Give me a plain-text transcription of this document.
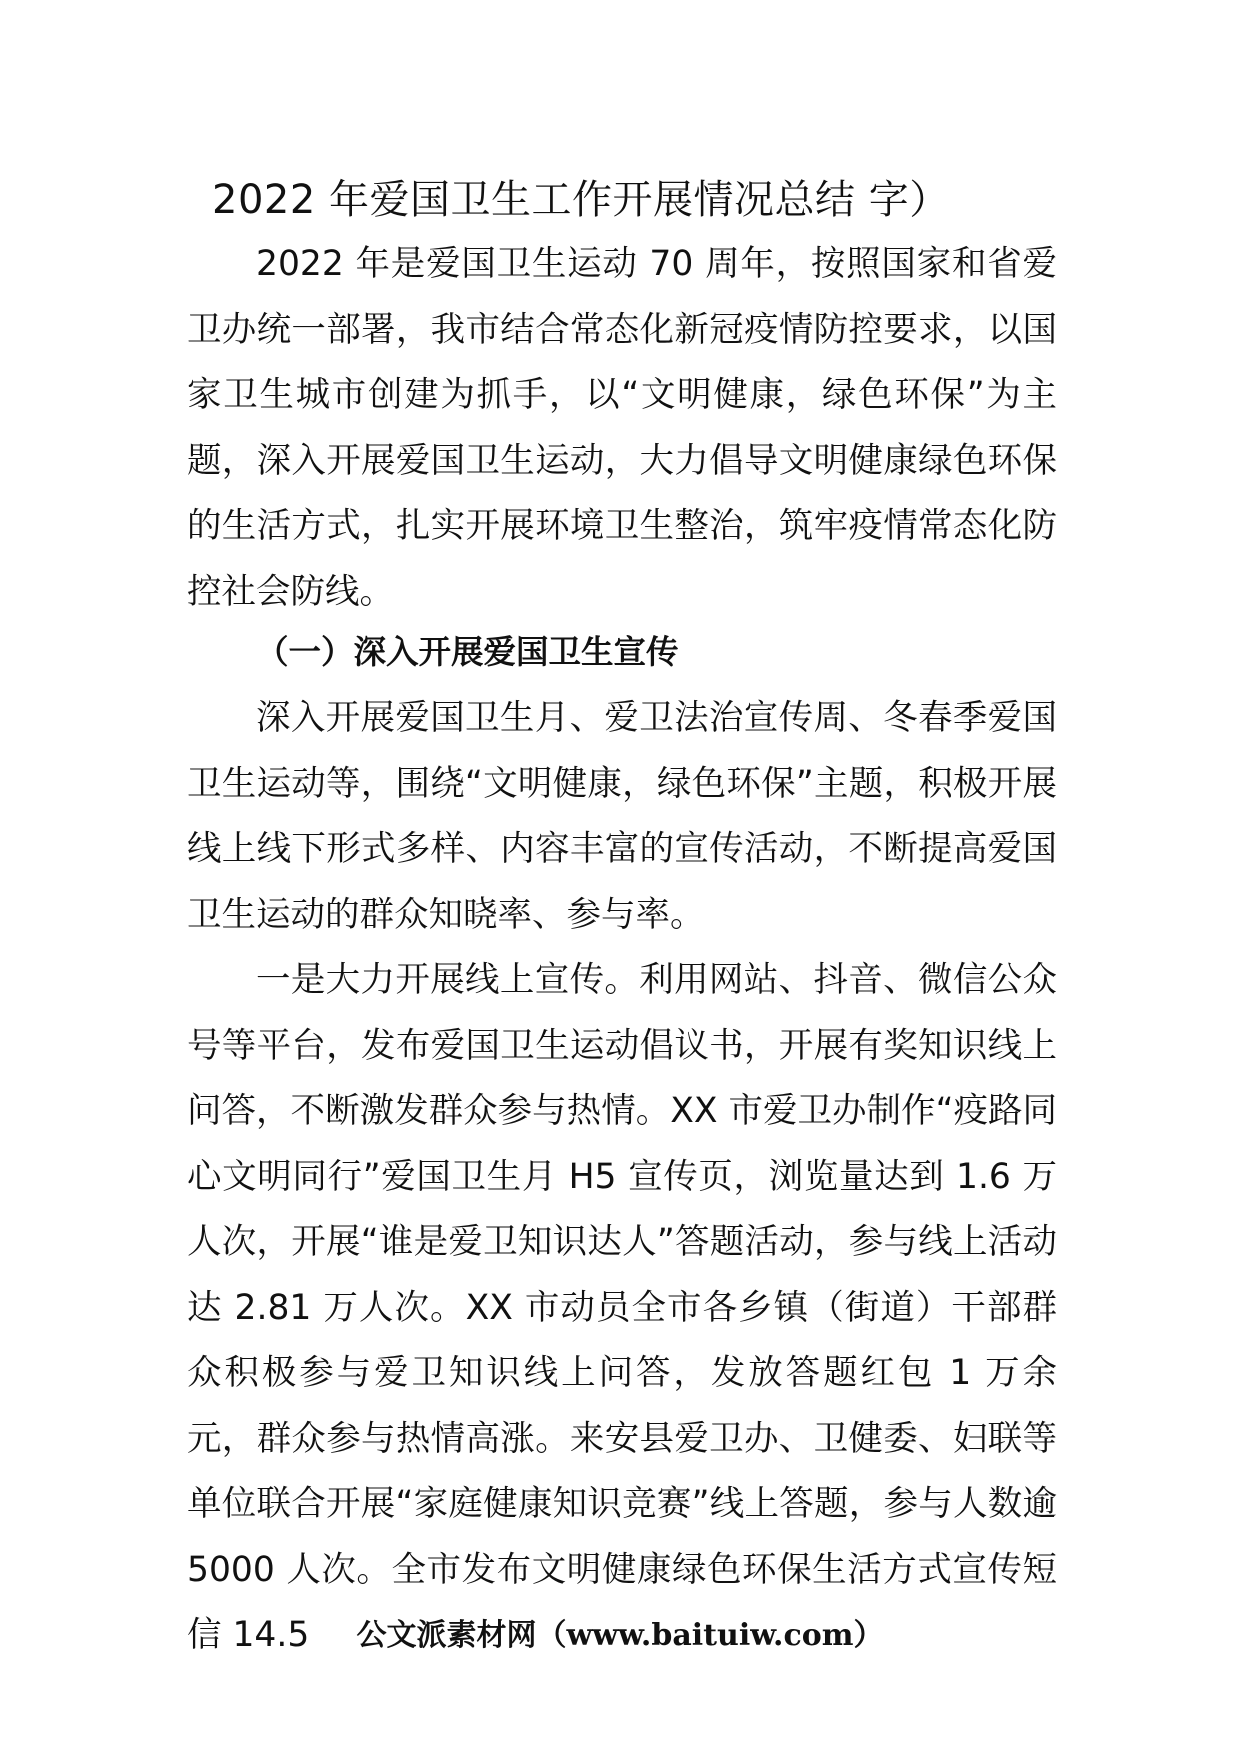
2022 年爱国卫生工作开展情况总结 字）

2022 年是爱国卫生运动 70 周年，按照国家和省爱卫办统一部署，我市结合常态化新冠疫情防控要求，以国家卫生城市创建为抓手，以“文明健康，绿色环保”为主题，深入开展爱国卫生运动，大力倡导文明健康绿色环保的生活方式，扎实开展环境卫生整治，筑牢疫情常态化防控社会防线。

（一）深入开展爱国卫生宣传

深入开展爱国卫生月、爱卫法治宣传周、冬春季爱国卫生运动等，围绕“文明健康，绿色环保”主题，积极开展线上线下形式多样、内容丰富的宣传活动，不断提高爱国卫生运动的群众知晓率、参与率。

一是大力开展线上宣传。利用网站、抖音、微信公众号等平台，发布爱国卫生运动倡议书，开展有奖知识线上问答，不断激发群众参与热情。XX 市爱卫办制作“疫路同心文明同行”爱国卫生月 H5 宣传页，浏览量达到 1.6 万人次，开展“谁是爱卫知识达人”答题活动，参与线上活动达 2.81 万人次。XX 市动员全市各乡镇（街道）干部群众积极参与爱卫知识线上问答，发放答题红包 1 万余元，群众参与热情高涨。来安县爱卫办、卫健委、妇联等单位联合开展“家庭健康知识竞赛”线上答题，参与人数逾 5000 人次。全市发布文明健康绿色环保生活方式宣传短信 14.5	公文派素材网（www.baituiw.com）
